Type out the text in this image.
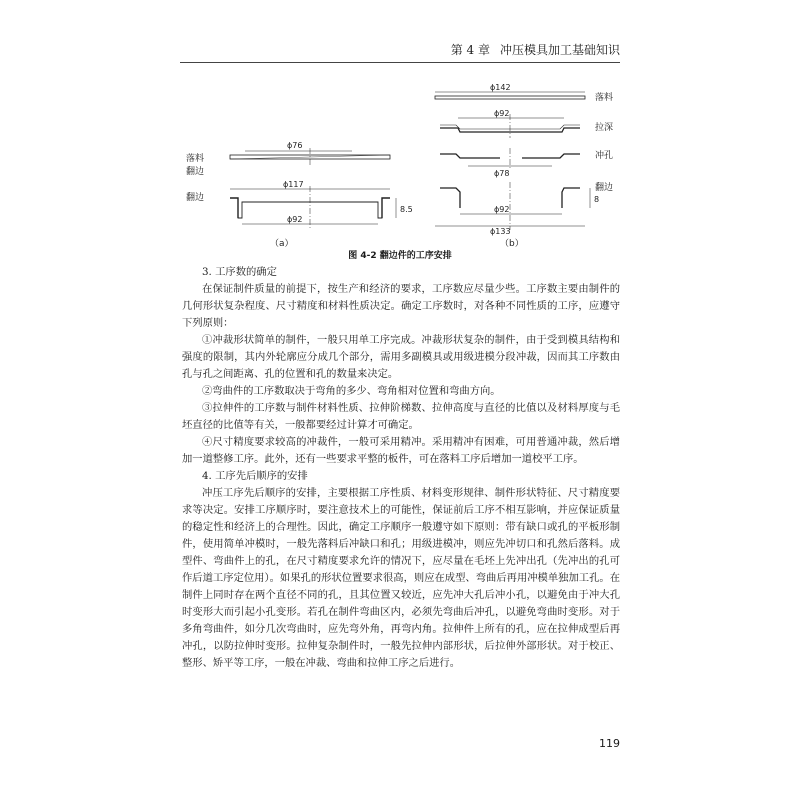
第 4 章 冲压模具加工基础知识
落料
翻边
翻边
ϕ76
ϕ117
ϕ92
8.5
（a）
落料
拉深
冲孔
翻边
ϕ142
ϕ92
ϕ78
ϕ92
ϕ133
8
（b）
图 4-2 翻边件的工序安排
3. 工序数的确定

在保证制件质量的前提下，按生产和经济的要求，工序数应尽量少些。工序数主要由制件的几何形状复杂程度、尺寸精度和材料性质决定。确定工序数时，对各种不同性质的工序，应遵守下列原则：

①冲裁形状简单的制件，一般只用单工序完成。冲裁形状复杂的制件，由于受到模具结构和强度的限制，其内外轮廓应分成几个部分，需用多副模具或用级进模分段冲裁，因而其工序数由孔与孔之间距离、孔的位置和孔的数量来决定。

②弯曲件的工序数取决于弯角的多少、弯角相对位置和弯曲方向。

③拉伸件的工序数与制件材料性质、拉伸阶梯数、拉伸高度与直径的比值以及材料厚度与毛坯直径的比值等有关，一般都要经过计算才可确定。

④尺寸精度要求较高的冲裁件，一般可采用精冲。采用精冲有困难，可用普通冲裁，然后增加一道整修工序。此外，还有一些要求平整的板件，可在落料工序后增加一道校平工序。

4. 工序先后顺序的安排

冲压工序先后顺序的安排，主要根据工序性质、材料变形规律、制件形状特征、尺寸精度要求等决定。安排工序顺序时，要注意技术上的可能性，保证前后工序不相互影响，并应保证质量的稳定性和经济上的合理性。因此，确定工序顺序一般遵守如下原则：带有缺口或孔的平板形制件，使用简单冲模时，一般先落料后冲缺口和孔；用级进模冲，则应先冲切口和孔然后落料。成型件、弯曲件上的孔，在尺寸精度要求允许的情况下，应尽量在毛坯上先冲出孔（先冲出的孔可作后道工序定位用）。如果孔的形状位置要求很高，则应在成型、弯曲后再用冲模单独加工孔。在制件上同时存在两个直径不同的孔，且其位置又较近，应先冲大孔后冲小孔，以避免由于冲大孔时变形大而引起小孔变形。若孔在制件弯曲区内，必须先弯曲后冲孔，以避免弯曲时变形。对于多角弯曲件，如分几次弯曲时，应先弯外角，再弯内角。拉伸件上所有的孔，应在拉伸成型后再冲孔，以防拉伸时变形。拉伸复杂制件时，一般先拉伸内部形状，后拉伸外部形状。对于校正、整形、矫平等工序，一般在冲裁、弯曲和拉伸工序之后进行。

119
